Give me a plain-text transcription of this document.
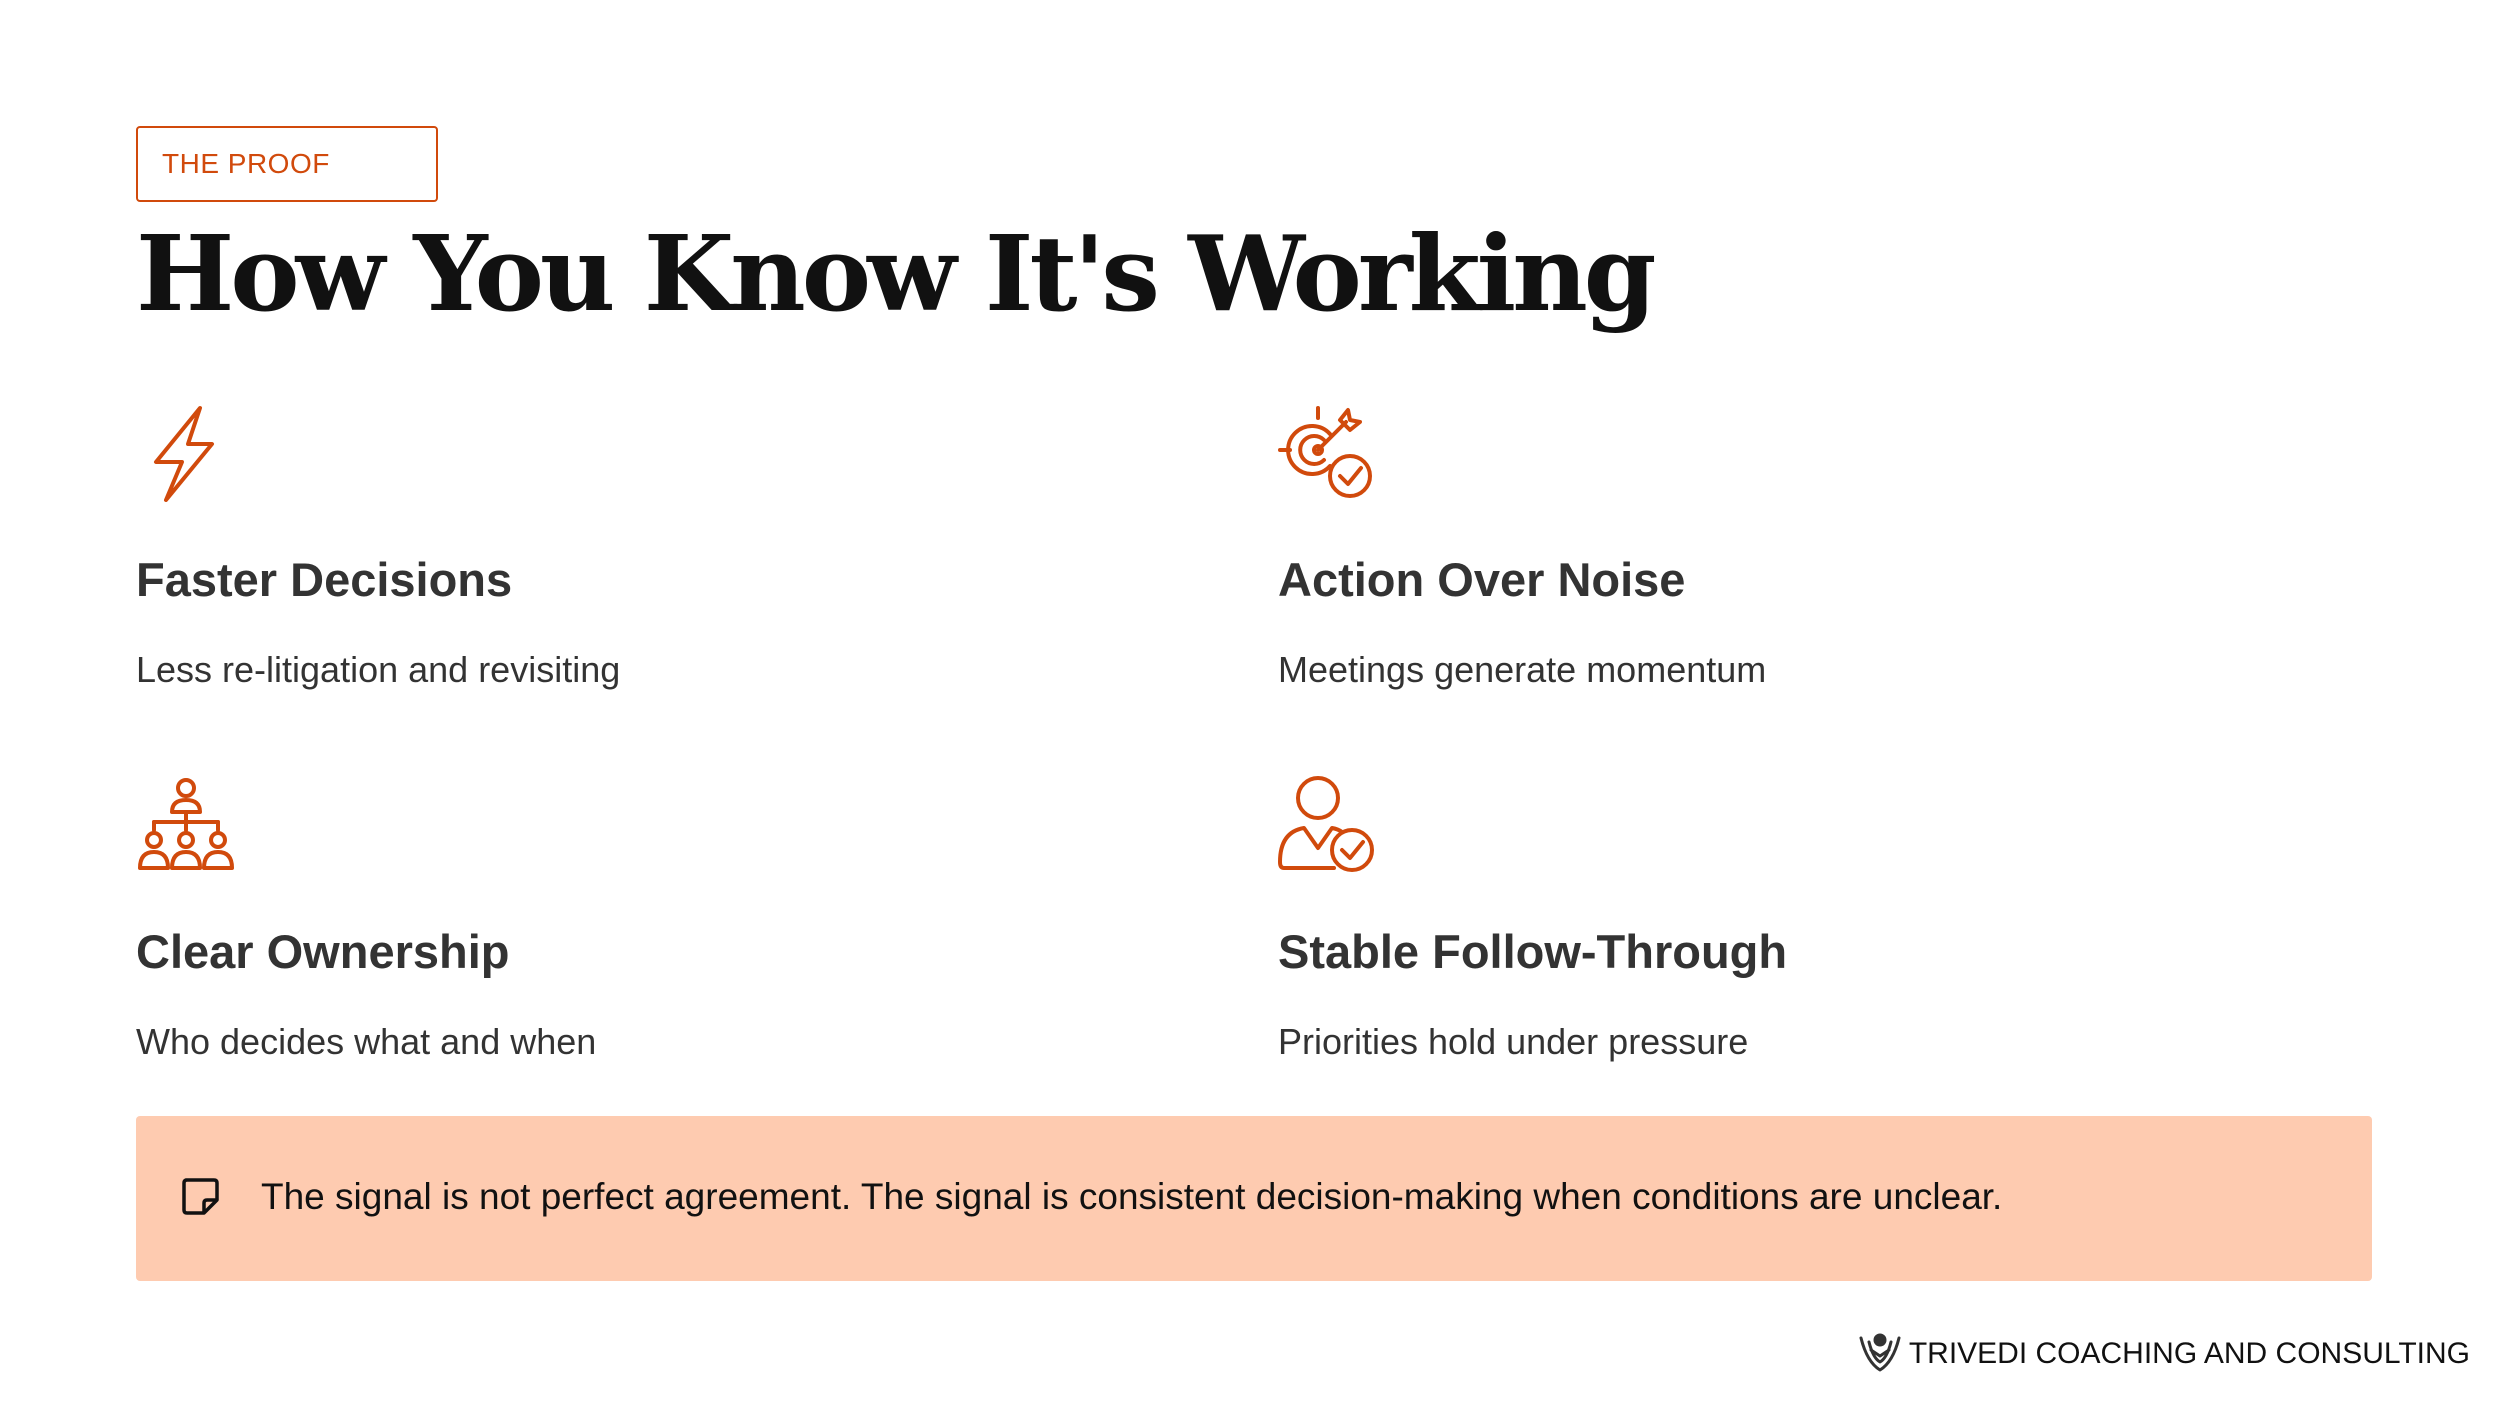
THE PROOF
How You Know It's Working
Faster Decisions

Less re-litigation and revisiting

Action Over Noise

Meetings generate momentum

Clear Ownership

Who decides what and when

Stable Follow-Through

Priorities hold under pressure

The signal is not perfect agreement. The signal is consistent decision-making when conditions are unclear.
TRIVEDI COACHING AND CONSULTING
